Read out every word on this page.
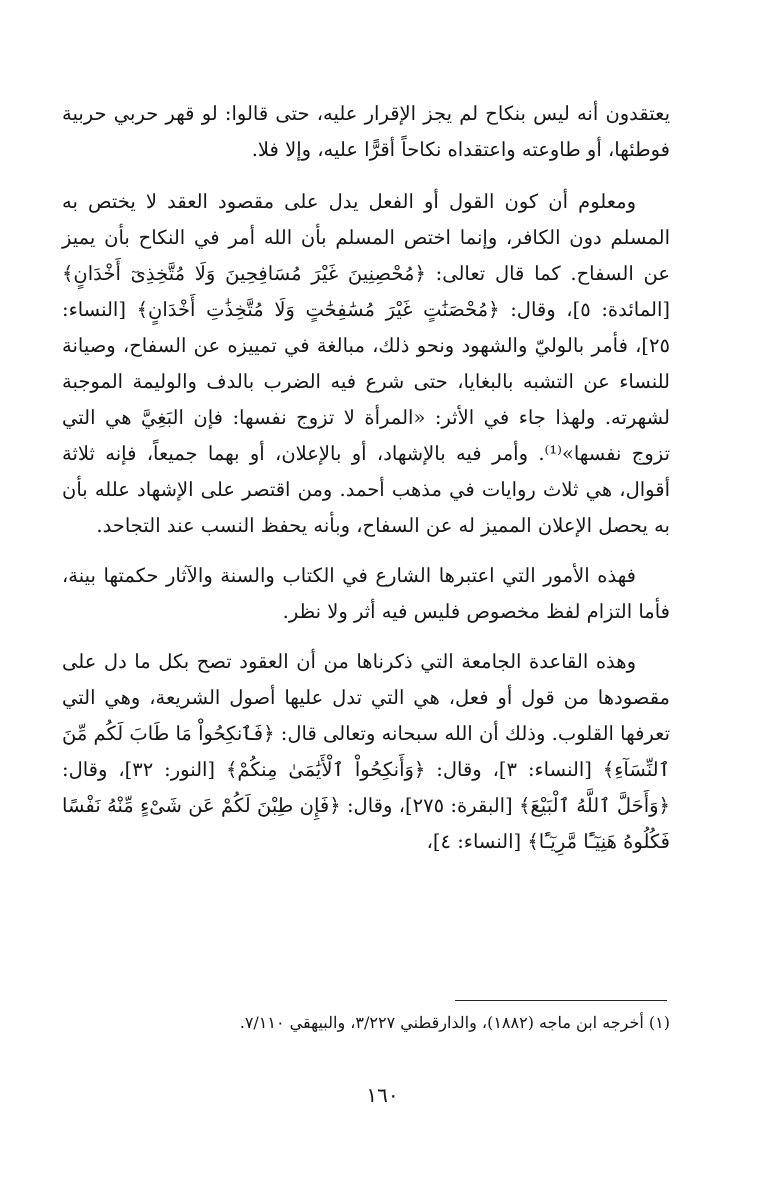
يعتقدون أنه ليس بنكاح لم يجز الإقرار عليه، حتى قالوا: لو قهر حربي حربية فوطئها، أو طاوعته واعتقداه نكاحاً أقرًّا عليه، وإلا فلا.

ومعلوم أن كون القول أو الفعل يدل على مقصود العقد لا يختص به المسلم دون الكافر، وإنما اختص المسلم بأن الله أمر في النكاح بأن يميز عن السفاح. كما قال تعالى: ﴿مُحْصِنِينَ غَيْرَ مُسَافِحِينَ وَلَا مُتَّخِذِىٓ أَخْدَانٍ﴾ [المائدة: ٥]، وقال: ﴿مُحْصَنَٰتٍ غَيْرَ مُسَٰفِحَٰتٍ وَلَا مُتَّخِذَٰتِ أَخْدَانٍ﴾ [النساء: ٢٥]، فأمر بالوليّ والشهود ونحو ذلك، مبالغة في تمييزه عن السفاح، وصيانة للنساء عن التشبه بالبغايا، حتى شرع فيه الضرب بالدف والوليمة الموجبة لشهرته. ولهذا جاء في الأثر: «المرأة لا تزوج نفسها: فإن البَغِيَّ هي التي تزوج نفسها»⁽¹⁾. وأمر فيه بالإشهاد، أو بالإعلان، أو بهما جميعاً، فإنه ثلاثة أقوال، هي ثلاث روايات في مذهب أحمد. ومن اقتصر على الإشهاد علله بأن به يحصل الإعلان المميز له عن السفاح، وبأنه يحفظ النسب عند التجاحد.

فهذه الأمور التي اعتبرها الشارع في الكتاب والسنة والآثار حكمتها بينة، فأما التزام لفظ مخصوص فليس فيه أثر ولا نظر.

وهذه القاعدة الجامعة التي ذكرناها من أن العقود تصح بكل ما دل على مقصودها من قول أو فعل، هي التي تدل عليها أصول الشريعة، وهي التي تعرفها القلوب. وذلك أن الله سبحانه وتعالى قال: ﴿فَٱنكِحُواْ مَا طَابَ لَكُم مِّنَ ٱلنِّسَآءِ﴾ [النساء: ٣]، وقال: ﴿وَأَنكِحُواْ ٱلْأَيَٰمَىٰ مِنكُمْ﴾ [النور: ٣٢]، وقال: ﴿وَأَحَلَّ ٱللَّهُ ٱلْبَيْعَ﴾ [البقرة: ٢٧٥]، وقال: ﴿فَإِن طِبْنَ لَكُمْ عَن شَىْءٍ مِّنْهُ نَفْسًا فَكُلُوهُ هَنِيٓـًٔا مَّرِيٓـًٔا﴾ [النساء: ٤]،

(١) أخرجه ابن ماجه (١٨٨٢)، والدارقطني ٣/٢٢٧، والبيهقي ٧/١١٠.
١٦٠
